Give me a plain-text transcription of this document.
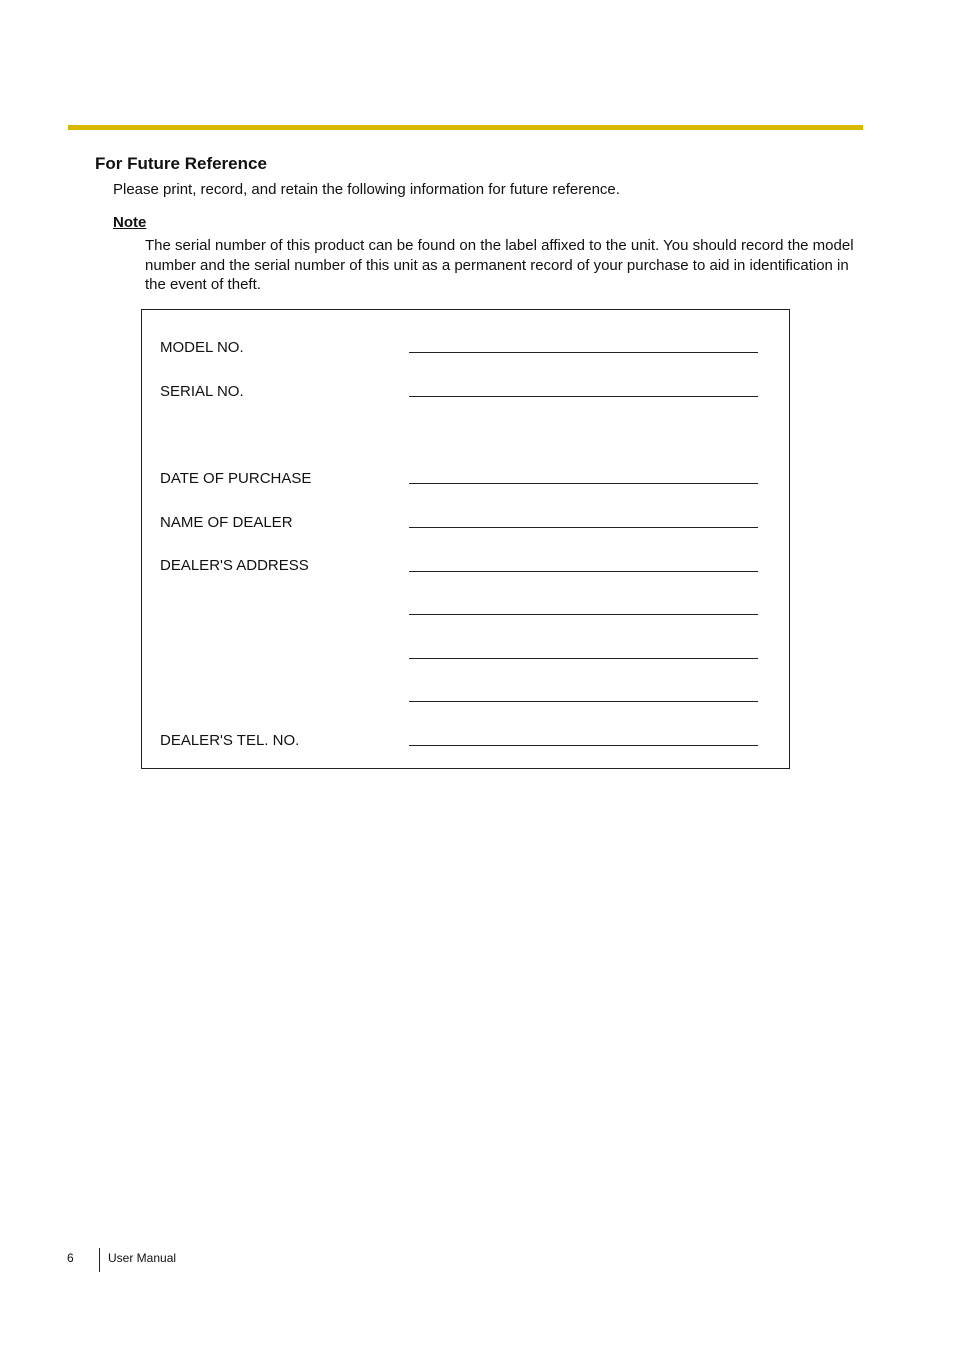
For Future Reference
Please print, record, and retain the following information for future reference.
Note
The serial number of this product can be found on the label affixed to the unit. You should record the model number and the serial number of this unit as a permanent record of your purchase to aid in identification in the event of theft.
MODEL NO.
SERIAL NO.
DATE OF PURCHASE
NAME OF DEALER
DEALER'S ADDRESS
DEALER'S TEL. NO.
6	User Manual
